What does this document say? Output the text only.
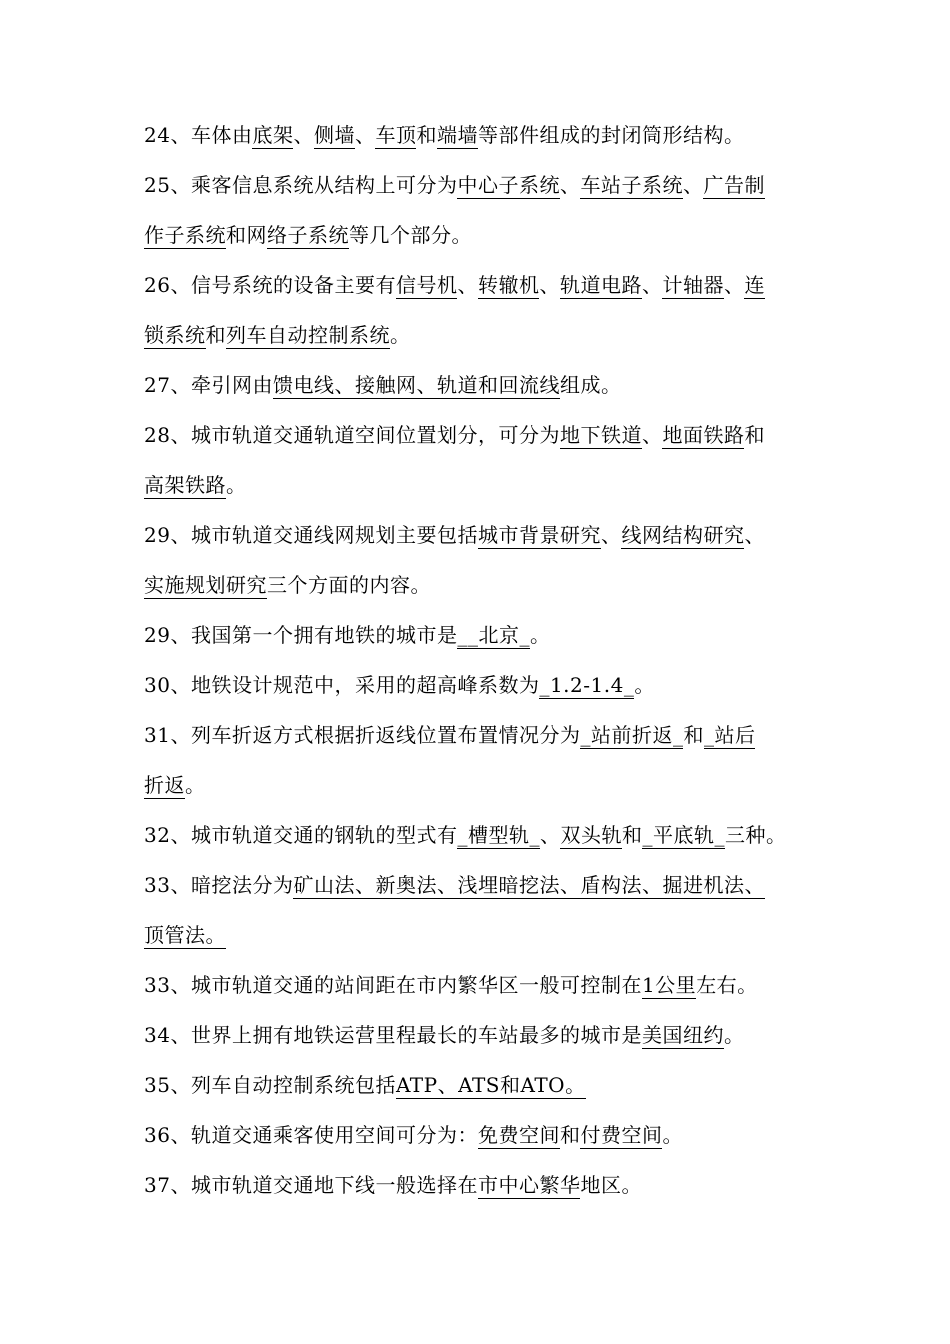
24、车体由底架、侧墙、车顶和端墙等部件组成的封闭筒形结构。
25、乘客信息系统从结构上可分为中心子系统、车站子系统、广告制
作子系统和网络子系统等几个部分。
26、信号系统的设备主要有信号机、转辙机、轨道电路、计轴器、连
锁系统和列车自动控制系统。
27、牵引网由馈电线、接触网、轨道和回流线组成。
28、城市轨道交通轨道空间位置划分，可分为地下铁道、地面铁路和
高架铁路。
29、城市轨道交通线网规划主要包括城市背景研究、线网结构研究、
实施规划研究三个方面的内容。
29、我国第一个拥有地铁的城市是__北京_。
30、地铁设计规范中，采用的超高峰系数为_1.2-1.4_。
31、列车折返方式根据折返线位置布置情况分为_站前折返_和_站后
折返。
32、城市轨道交通的钢轨的型式有_槽型轨_、双头轨和_平底轨_三种。
33、暗挖法分为矿山法、新奥法、浅埋暗挖法、盾构法、掘进机法、
顶管法。
33、城市轨道交通的站间距在市内繁华区一般可控制在1公里左右。
34、世界上拥有地铁运营里程最长的车站最多的城市是美国纽约。
35、列车自动控制系统包括ATP、ATS和ATO。
36、轨道交通乘客使用空间可分为：免费空间和付费空间。
37、城市轨道交通地下线一般选择在市中心繁华地区。
